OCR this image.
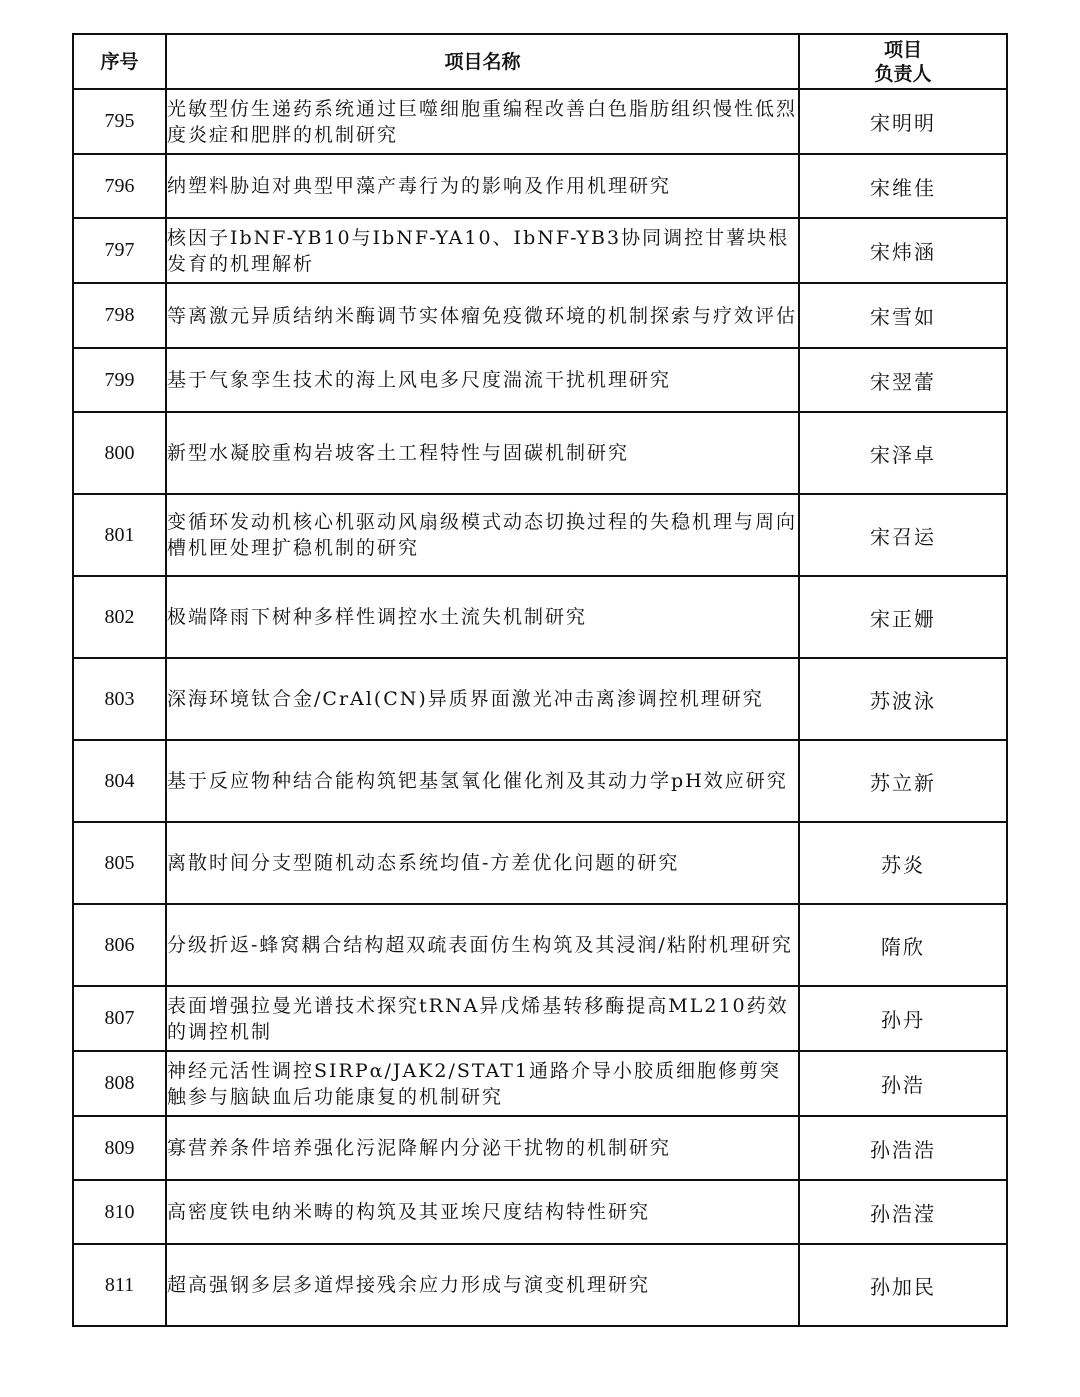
序号	项目名称	项目
负责人

795	光敏型仿生递药系统通过巨噬细胞重编程改善白色脂肪组织慢性低烈度炎症和肥胖的机制研究	宋明明
796	纳塑料胁迫对典型甲藻产毒行为的影响及作用机理研究	宋维佳
797	核因子IbNF-YB10与IbNF-YA10、IbNF-YB3协同调控甘薯块根发育的机理解析	宋炜涵
798	等离激元异质结纳米酶调节实体瘤免疫微环境的机制探索与疗效评估	宋雪如
799	基于气象孪生技术的海上风电多尺度湍流干扰机理研究	宋翌蕾
800	新型水凝胶重构岩坡客土工程特性与固碳机制研究	宋泽卓
801	变循环发动机核心机驱动风扇级模式动态切换过程的失稳机理与周向槽机匣处理扩稳机制的研究	宋召运
802	极端降雨下树种多样性调控水土流失机制研究	宋正姗
803	深海环境钛合金/CrAl(CN)异质界面激光冲击离渗调控机理研究	苏波泳
804	基于反应物种结合能构筑钯基氢氧化催化剂及其动力学pH效应研究	苏立新
805	离散时间分支型随机动态系统均值-方差优化问题的研究	苏炎
806	分级折返-蜂窝耦合结构超双疏表面仿生构筑及其浸润/粘附机理研究	隋欣
807	表面增强拉曼光谱技术探究tRNA异戊烯基转移酶提高ML210药效的调控机制	孙丹
808	神经元活性调控SIRPα/JAK2/STAT1通路介导小胶质细胞修剪突触参与脑缺血后功能康复的机制研究	孙浩
809	寡营养条件培养强化污泥降解内分泌干扰物的机制研究	孙浩浩
810	高密度铁电纳米畴的构筑及其亚埃尺度结构特性研究	孙浩滢
811	超高强钢多层多道焊接残余应力形成与演变机理研究	孙加民
